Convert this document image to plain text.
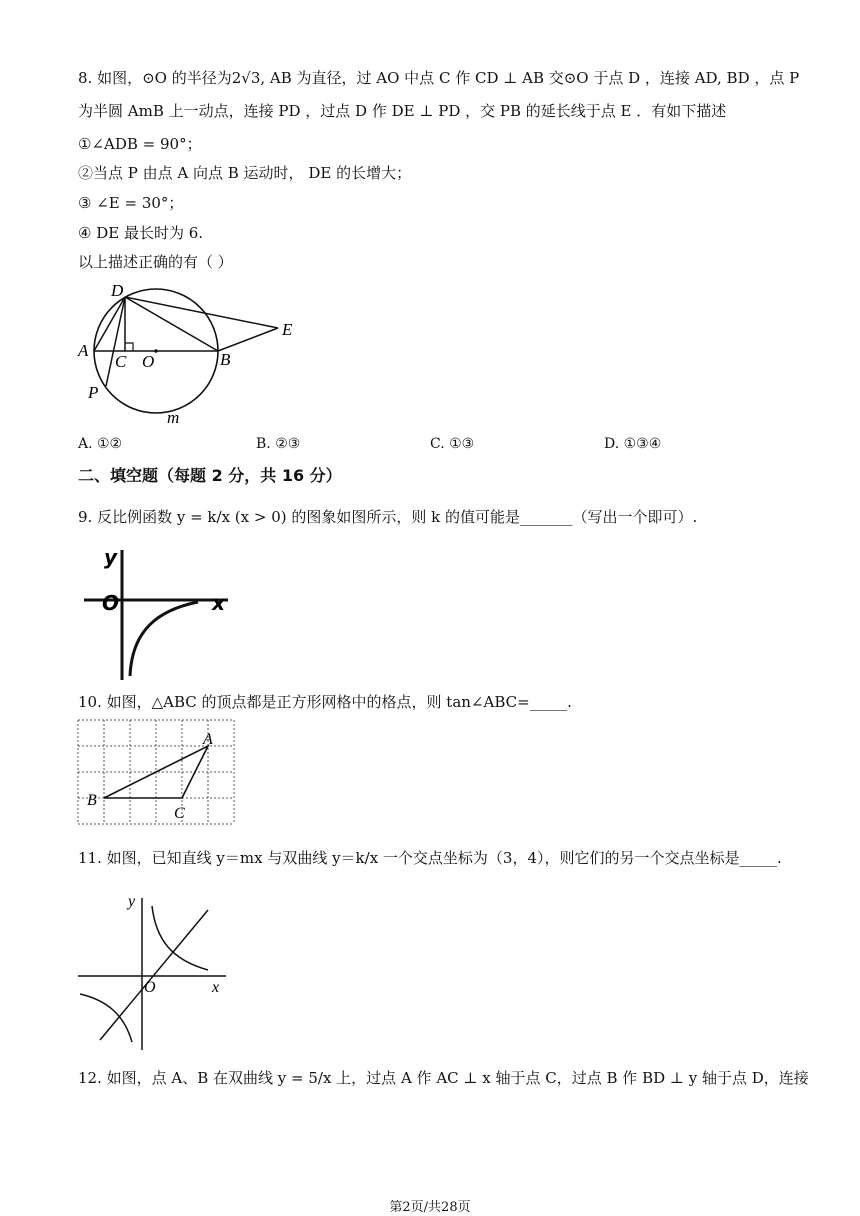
8. 如图，⊙O 的半径为2√3, AB 为直径，过 AO 中点 C 作 CD ⊥ AB 交⊙O 于点 D ，连接 AD, BD ，点 P
为半圆 AmB 上一动点，连接 PD ，过点 D 作 DE ⊥ PD ，交 PB 的延长线于点 E ．有如下描述
①∠ADB = 90°；
②当点 P 由点 A 向点 B 运动时， DE 的长增大；
③ ∠E = 30°；
④ DE 最长时为 6.
以上描述正确的有（ ）
D
E
A
C O	B
P
m
A. ①②	B. ②③	C. ①③	D. ①③④
二、填空题（每题 2 分，共 16 分）
9. 反比例函数 y = k/x (x > 0) 的图象如图所示，则 k 的值可能是_______（写出一个即可）.
y
O	x
10. 如图，△ABC 的顶点都是正方形网格中的格点，则 tan∠ABC=_____.
A
B
C
11. 如图，已知直线 y＝mx 与双曲线 y＝k/x 一个交点坐标为（3，4），则它们的另一个交点坐标是_____.
y
O	x
12. 如图，点 A、B 在双曲线 y = 5/x 上，过点 A 作 AC ⊥ x 轴于点 C，过点 B 作 BD ⊥ y 轴于点 D，连接
第2页/共28页
